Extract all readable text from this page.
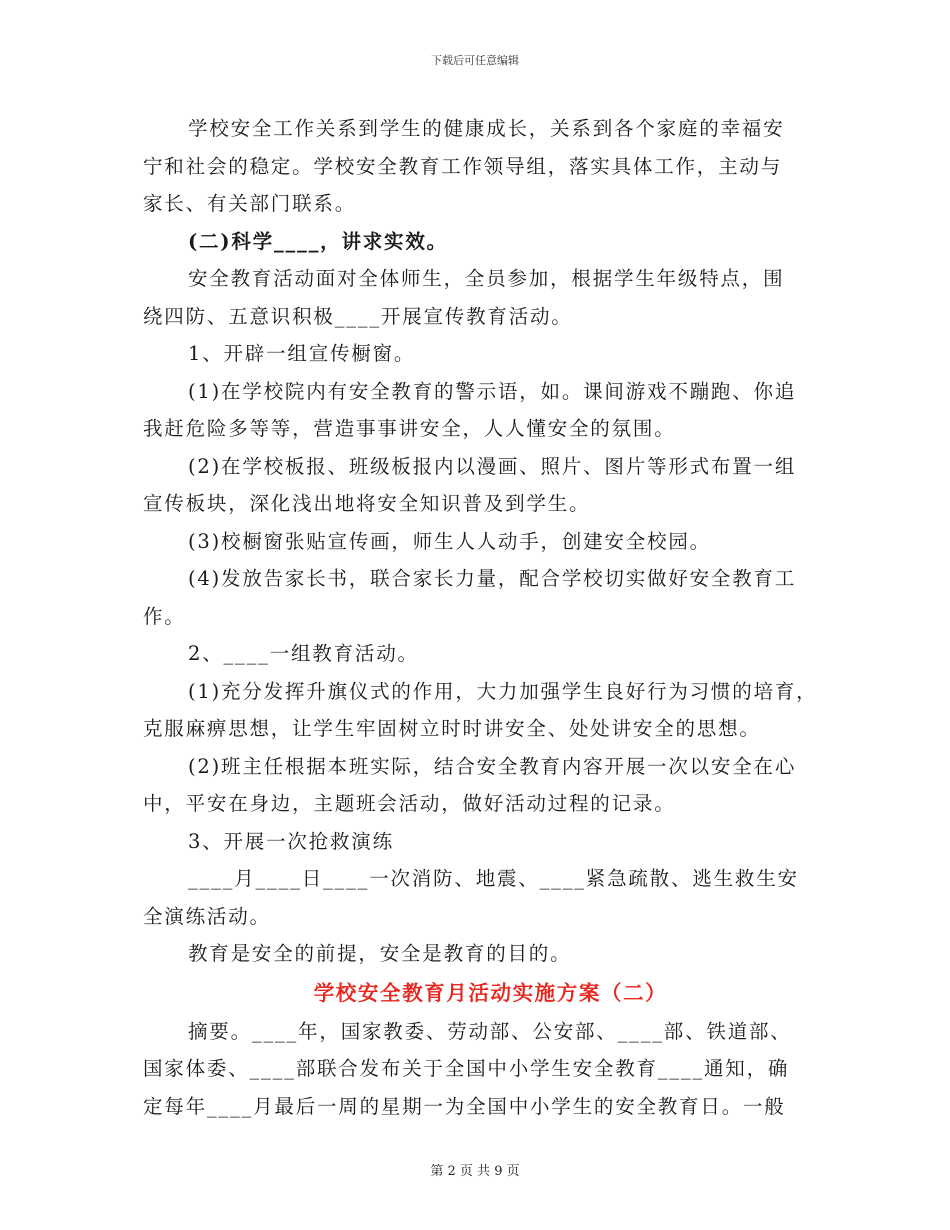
下载后可任意编辑
学校安全工作关系到学生的健康成长，关系到各个家庭的幸福安
宁和社会的稳定。学校安全教育工作领导组，落实具体工作，主动与
家长、有关部门联系。
(二)科学____，讲求实效。
安全教育活动面对全体师生，全员参加，根据学生年级特点，围
绕四防、五意识积极____开展宣传教育活动。
1、开辟一组宣传橱窗。
(1)在学校院内有安全教育的警示语，如。课间游戏不蹦跑、你追
我赶危险多等等，营造事事讲安全，人人懂安全的氛围。
(2)在学校板报、班级板报内以漫画、照片、图片等形式布置一组
宣传板块，深化浅出地将安全知识普及到学生。
(3)校橱窗张贴宣传画，师生人人动手，创建安全校园。
(4)发放告家长书，联合家长力量，配合学校切实做好安全教育工
作。
2、____一组教育活动。
(1)充分发挥升旗仪式的作用，大力加强学生良好行为习惯的培育，
克服麻痹思想，让学生牢固树立时时讲安全、处处讲安全的思想。
(2)班主任根据本班实际，结合安全教育内容开展一次以安全在心
中，平安在身边，主题班会活动，做好活动过程的记录。
3、开展一次抢救演练
____月____日____一次消防、地震、____紧急疏散、逃生救生安
全演练活动。
教育是安全的前提，安全是教育的目的。
学校安全教育月活动实施方案（二）
摘要。____年，国家教委、劳动部、公安部、____部、铁道部、
国家体委、____部联合发布关于全国中小学生安全教育____通知，确
定每年____月最后一周的星期一为全国中小学生的安全教育日。一般
第 2 页 共 9 页
